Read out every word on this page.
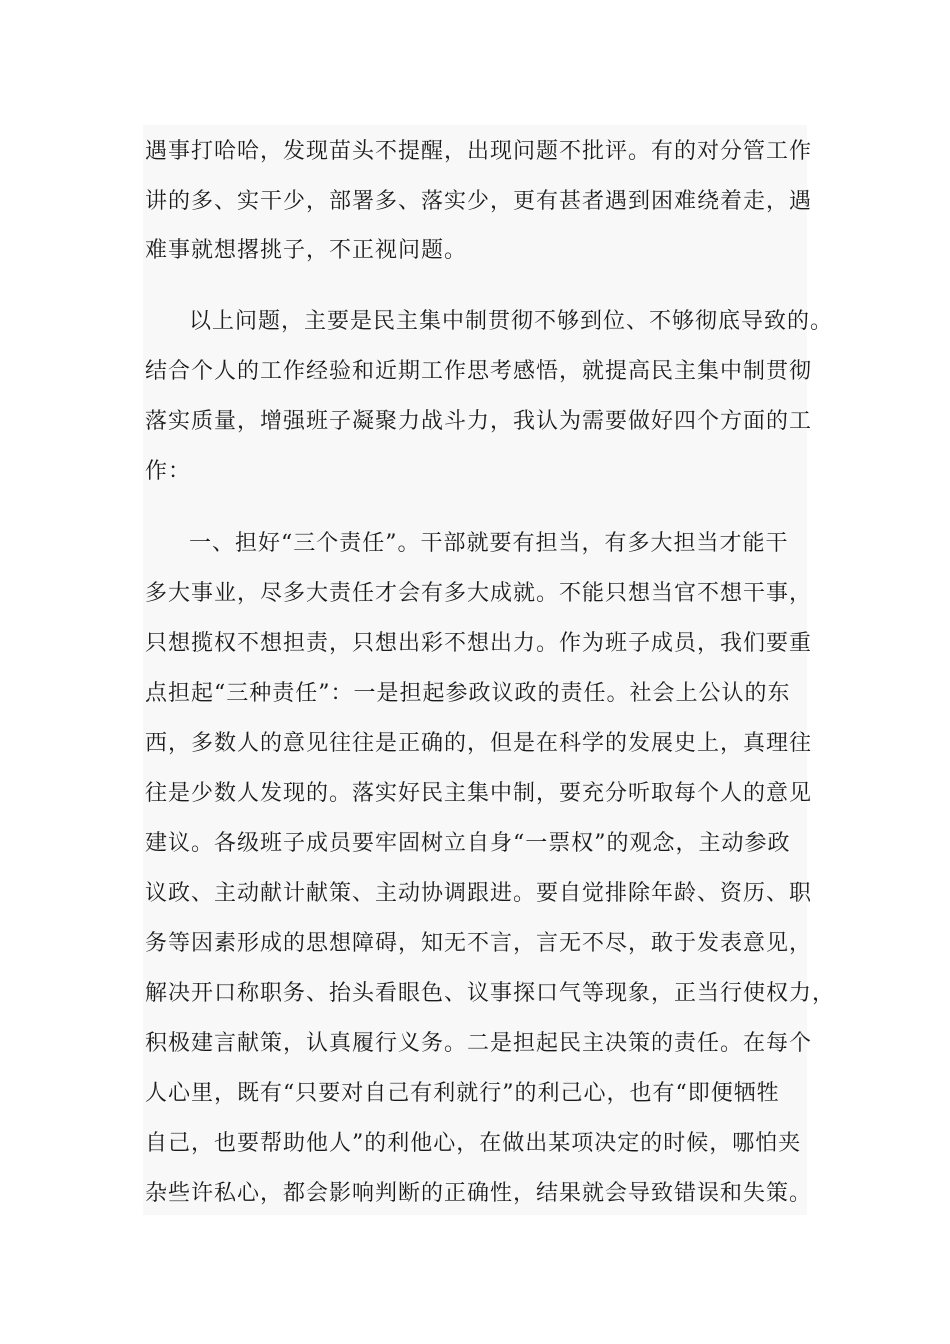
遇事打哈哈，发现苗头不提醒，出现问题不批评。有的对分管工作
讲的多、实干少，部署多、落实少，更有甚者遇到困难绕着走，遇
难事就想撂挑子，不正视问题。
以上问题，主要是民主集中制贯彻不够到位、不够彻底导致的。
结合个人的工作经验和近期工作思考感悟，就提高民主集中制贯彻
落实质量，增强班子凝聚力战斗力，我认为需要做好四个方面的工
作：
一、担好“三个责任”。干部就要有担当，有多大担当才能干
多大事业，尽多大责任才会有多大成就。不能只想当官不想干事，
只想揽权不想担责，只想出彩不想出力。作为班子成员，我们要重
点担起“三种责任”：一是担起参政议政的责任。社会上公认的东
西，多数人的意见往往是正确的，但是在科学的发展史上，真理往
往是少数人发现的。落实好民主集中制，要充分听取每个人的意见
建议。各级班子成员要牢固树立自身“一票权”的观念，主动参政
议政、主动献计献策、主动协调跟进。要自觉排除年龄、资历、职
务等因素形成的思想障碍，知无不言，言无不尽，敢于发表意见，
解决开口称职务、抬头看眼色、议事探口气等现象，正当行使权力，
积极建言献策，认真履行义务。二是担起民主决策的责任。在每个
人心里，既有“只要对自己有利就行”的利己心，也有“即便牺牲
自己，也要帮助他人”的利他心，在做出某项决定的时候，哪怕夹
杂些许私心，都会影响判断的正确性，结果就会导致错误和失策。
